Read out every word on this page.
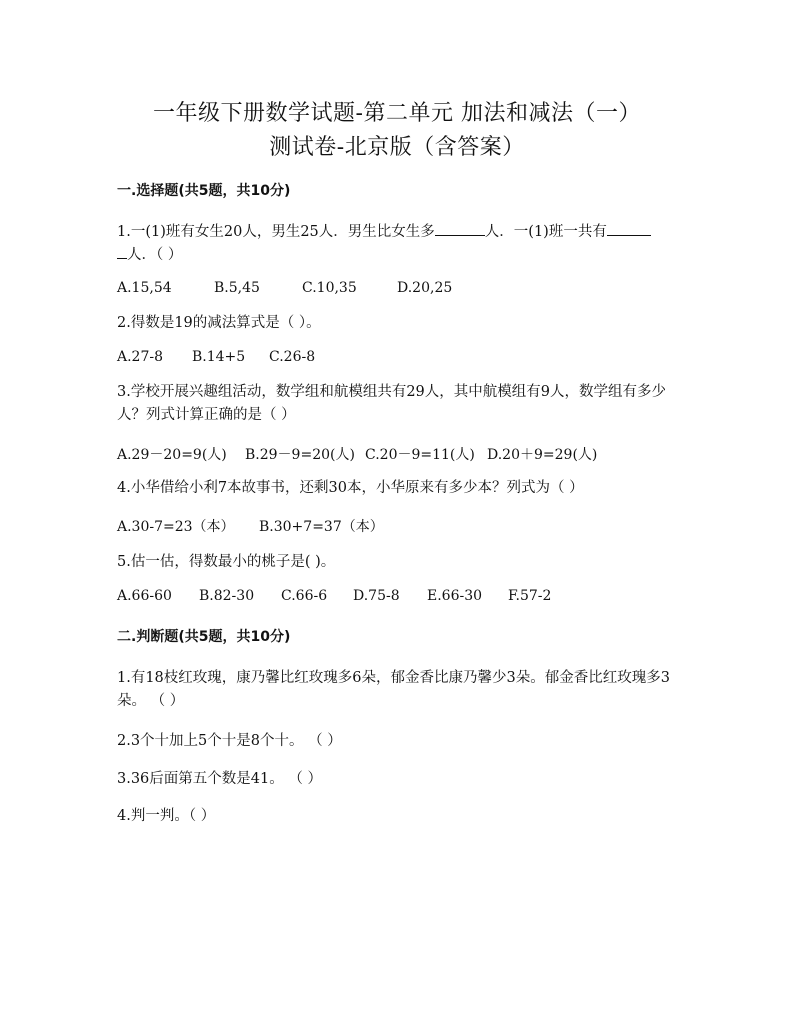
一年级下册数学试题-第二单元 加法和减法（一）
测试卷-北京版（含答案）
一.选择题(共5题，共10分)
1.一(1)班有女生20人，男生25人．男生比女生多	人．一(1)班一共有
人．（ ）
A.15,54	B.5,45	C.10,35	D.20,25
2.得数是19的减法算式是（ ）。
A.27-8 B.14+5 C.26-8
3.学校开展兴趣组活动，数学组和航模组共有29人，其中航模组有9人，数学组有多少人？列式计算正确的是（ ）
A.29－20=9(人) B.29－9=20(人) C.20－9=11(人) D.20＋9=29(人)
4.小华借给小利7本故事书，还剩30本，小华原来有多少本？列式为（ ）
A.30-7=23（本） B.30+7=37（本）
5.估一估，得数最小的桃子是( )。
A.66-60 B.82-30 C.66-6 D.75-8 E.66-30 F.57-2
二.判断题(共5题，共10分)
1.有18枝红玫瑰，康乃馨比红玫瑰多6朵，郁金香比康乃馨少3朵。郁金香比红玫瑰多3朵。 （ ）
2.3个十加上5个十是8个十。 （ ）
3.36后面第五个数是41。 （ ）
4.判一判。（ ）
